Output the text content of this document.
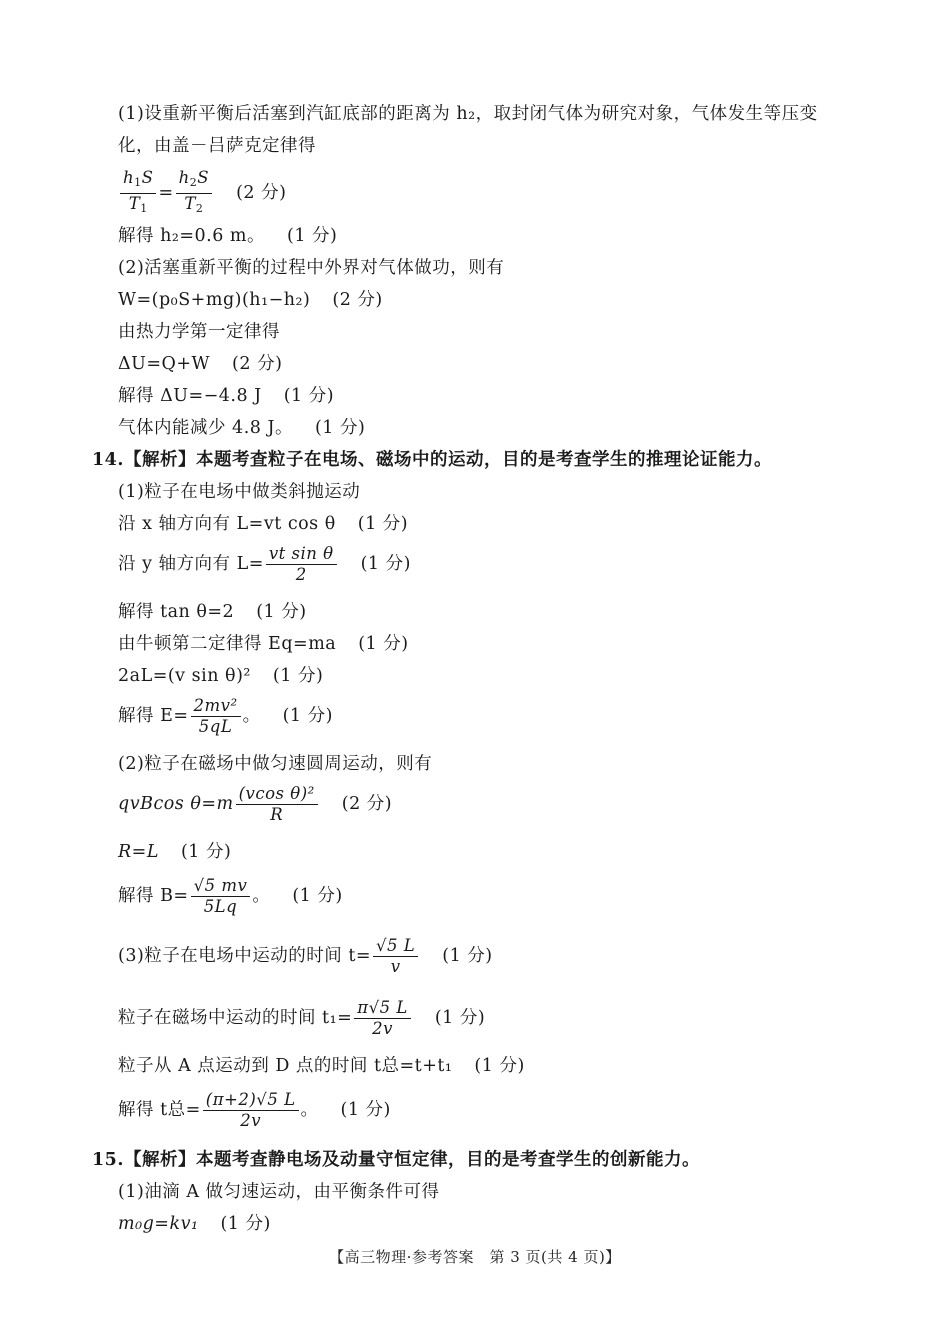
(1)设重新平衡后活塞到汽缸底部的距离为 h₂，取封闭气体为研究对象，气体发生等压变
化，由盖－吕萨克定律得
$\frac{h_1S}{T_1} = \frac{h_2S}{T_2} (2$ 分)
解得 h₂=0.6 m。 (1 分)
(2)活塞重新平衡的过程中外界对气体做功，则有
W=(p₀S+mg)(h₁−h₂) (2 分)
由热力学第一定律得
ΔU=Q+W (2 分)
解得 ΔU=−4.8 J (1 分)
气体内能减少 4.8 J。 (1 分)
14.【解析】本题考查粒子在电场、磁场中的运动，目的是考查学生的推理论证能力。
(1)粒子在电场中做类斜抛运动
沿 x 轴方向有 L=vt cos θ (1 分)
沿 y 轴方向有 $L= \frac{\text{vt sin θ}}{2} (1$ 分)
解得 tan θ=2 (1 分)
由牛顿第二定律得 Eq=ma (1 分)
2aL=(v sin θ)² (1 分)
解得 $E= \frac{\text{2mv²}}{5qL}$ 。 (1 分)
(2)粒子在磁场中做匀速圆周运动，则有
qvBcos $\theta=m \frac{\text{(vcos θ)²}}{R} (2$ 分)
R=L (1 分)
解得 $B= \frac{√5 mv}{5Lq}$ 。 (1 分)
(3)粒子在电场中运动的时间 $t= \frac{√5 L}{v} (1$ 分)
粒子在磁场中运动的时间 $t_1= \frac{\pi√5 L}{2v} (1$ 分)
粒子从 A 点运动到 D 点的时间 t总=t+t₁ (1 分)
解得 t总= $\frac{(\pi+2)√5 L}{2v}$ 。 (1 分)
15.【解析】本题考查静电场及动量守恒定律，目的是考查学生的创新能力。
(1)油滴 A 做匀速运动，由平衡条件可得
m₀g=kv₁ (1 分)
【高三物理·参考答案　第 3 页(共 4 页)】
